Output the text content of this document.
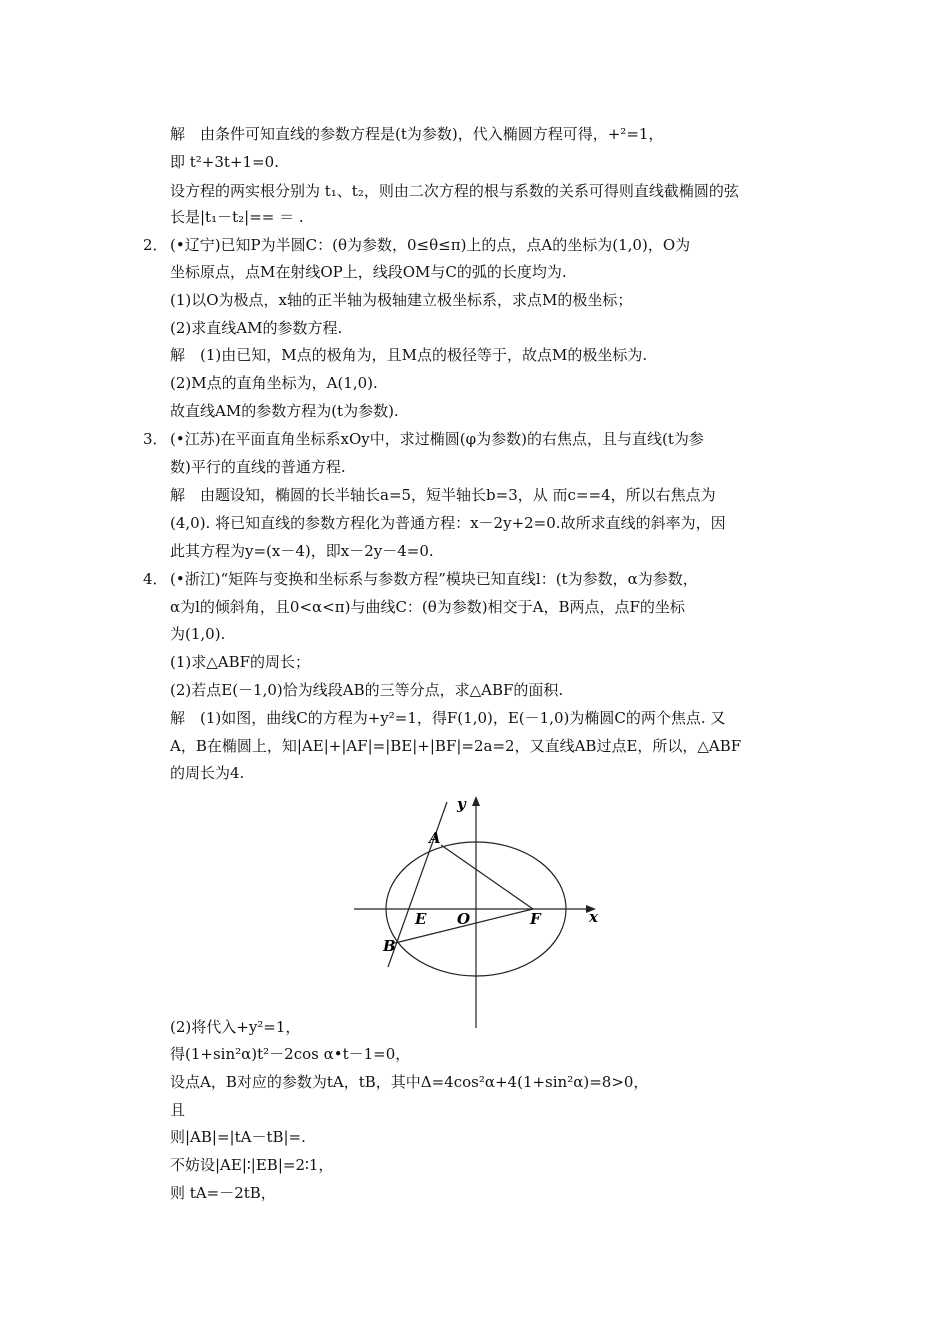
解　由条件可知直线的参数方程是(t为参数)，代入椭圆方程可得，+²=1，
即 t²+3t+1=0.
设方程的两实根分别为 t₁、t₂，则由二次方程的根与系数的关系可得则直线截椭圆的弦
长是|t₁－t₂|== ＝ .
2． (•辽宁)已知P为半圆C：(θ为参数，0≤θ≤π)上的点，点A的坐标为(1,0)，O为
坐标原点，点M在射线OP上，线段OM与C的弧的长度均为.
(1)以O为极点，x轴的正半轴为极轴建立极坐标系，求点M的极坐标；
(2)求直线AM的参数方程.
解　(1)由已知，M点的极角为，且M点的极径等于，故点M的极坐标为.
(2)M点的直角坐标为，A(1,0).
故直线AM的参数方程为(t为参数).
3． (•江苏)在平面直角坐标系xOy中，求过椭圆(φ为参数)的右焦点，且与直线(t为参
数)平行的直线的普通方程.
解　由题设知，椭圆的长半轴长a=5，短半轴长b=3，从 而c==4，所以右焦点为
(4,0). 将已知直线的参数方程化为普通方程：x－2y+2=0.故所求直线的斜率为，因
此其方程为y=(x－4)，即x－2y－4=0.
4． (•浙江)“矩阵与变换和坐标系与参数方程”模块已知直线l：(t为参数，α为参数，
α为l的倾斜角，且0<α<π)与曲线C：(θ为参数)相交于A，B两点，点F的坐标
为(1,0).
(1)求△ABF的周长；
(2)若点E(－1,0)恰为线段AB的三等分点，求△ABF的面积.
解　(1)如图，曲线C的方程为+y²=1，得F(1,0)，E(－1,0)为椭圆C的两个焦点. 又
A，B在椭圆上，知|AE|+|AF|=|BE|+|BF|=2a=2，又直线AB过点E，所以，△ABF
的周长为4.
y
x
A
B
E O	F
(2)将代入+y²=1，
得(1+sin²α)t²－2cos α•t－1=0，
设点A，B对应的参数为tA，tB，其中Δ=4cos²α+4(1+sin²α)=8>0，
且
则|AB|=|tA－tB|=.
不妨设|AE|∶|EB|=2∶1，
则 tA=－2tB，
